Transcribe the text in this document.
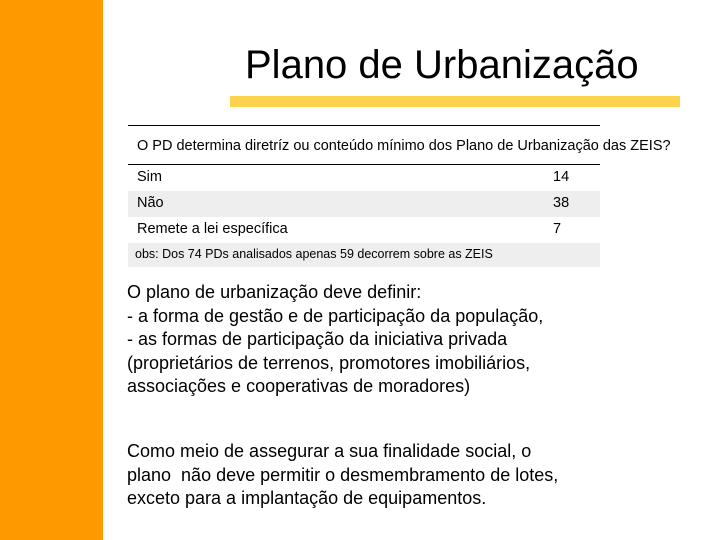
Plano de Urbanização
O PD determina diretríz ou conteúdo mínimo dos Plano de Urbanização das ZEIS?
Sim	14
Não	38
Remete a lei específica	7
obs: Dos 74 PDs analisados apenas 59 decorrem sobre as ZEIS
O plano de urbanização deve definir:
- a forma de gestão e de participação da população,
- as formas de participação da iniciativa privada
(proprietários de terrenos, promotores imobiliários,
associações e cooperativas de moradores)
Como meio de assegurar a sua finalidade social, o
plano  não deve permitir o desmembramento de lotes,
exceto para a implantação de equipamentos.
